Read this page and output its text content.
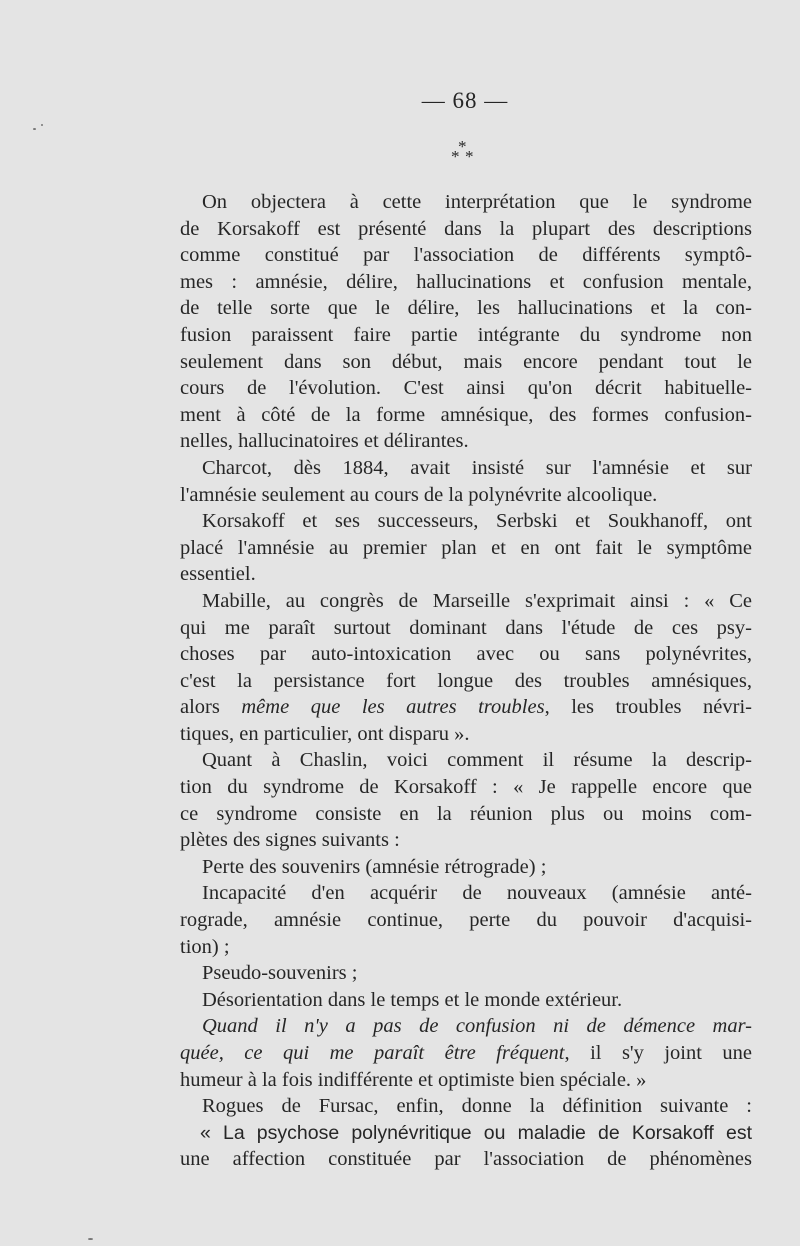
— 68 —
*
* *
On objectera à cette interprétation que le syndrome
de Korsakoff est présenté dans la plupart des descriptions
comme constitué par l'association de différents symptô-
mes : amnésie, délire, hallucinations et confusion mentale,
de telle sorte que le délire, les hallucinations et la con-
fusion paraissent faire partie intégrante du syndrome non
seulement dans son début, mais encore pendant tout le
cours de l'évolution. C'est ainsi qu'on décrit habituelle-
ment à côté de la forme amnésique, des formes confusion-
nelles, hallucinatoires et délirantes.
Charcot, dès 1884, avait insisté sur l'amnésie et sur
l'amnésie seulement au cours de la polynévrite alcoolique.
Korsakoff et ses successeurs, Serbski et Soukhanoff, ont
placé l'amnésie au premier plan et en ont fait le symptôme
essentiel.
Mabille, au congrès de Marseille s'exprimait ainsi : « Ce
qui me paraît surtout dominant dans l'étude de ces psy-
choses par auto-intoxication avec ou sans polynévrites,
c'est la persistance fort longue des troubles amnésiques,
alors même que les autres troubles, les troubles névri-
tiques, en particulier, ont disparu ».
Quant à Chaslin, voici comment il résume la descrip-
tion du syndrome de Korsakoff : « Je rappelle encore que
ce syndrome consiste en la réunion plus ou moins com-
plètes des signes suivants :
Perte des souvenirs (amnésie rétrograde) ;
Incapacité d'en acquérir de nouveaux (amnésie anté-
rograde, amnésie continue, perte du pouvoir d'acquisi-
tion) ;
Pseudo-souvenirs ;
Désorientation dans le temps et le monde extérieur.
Quand il n'y a pas de confusion ni de démence mar-
quée, ce qui me paraît être fréquent, il s'y joint une
humeur à la fois indifférente et optimiste bien spéciale. »
Rogues de Fursac, enfin, donne la définition suivante :
« La psychose polynévritique ou maladie de Korsakoff est
une affection constituée par l'association de phénomènes
